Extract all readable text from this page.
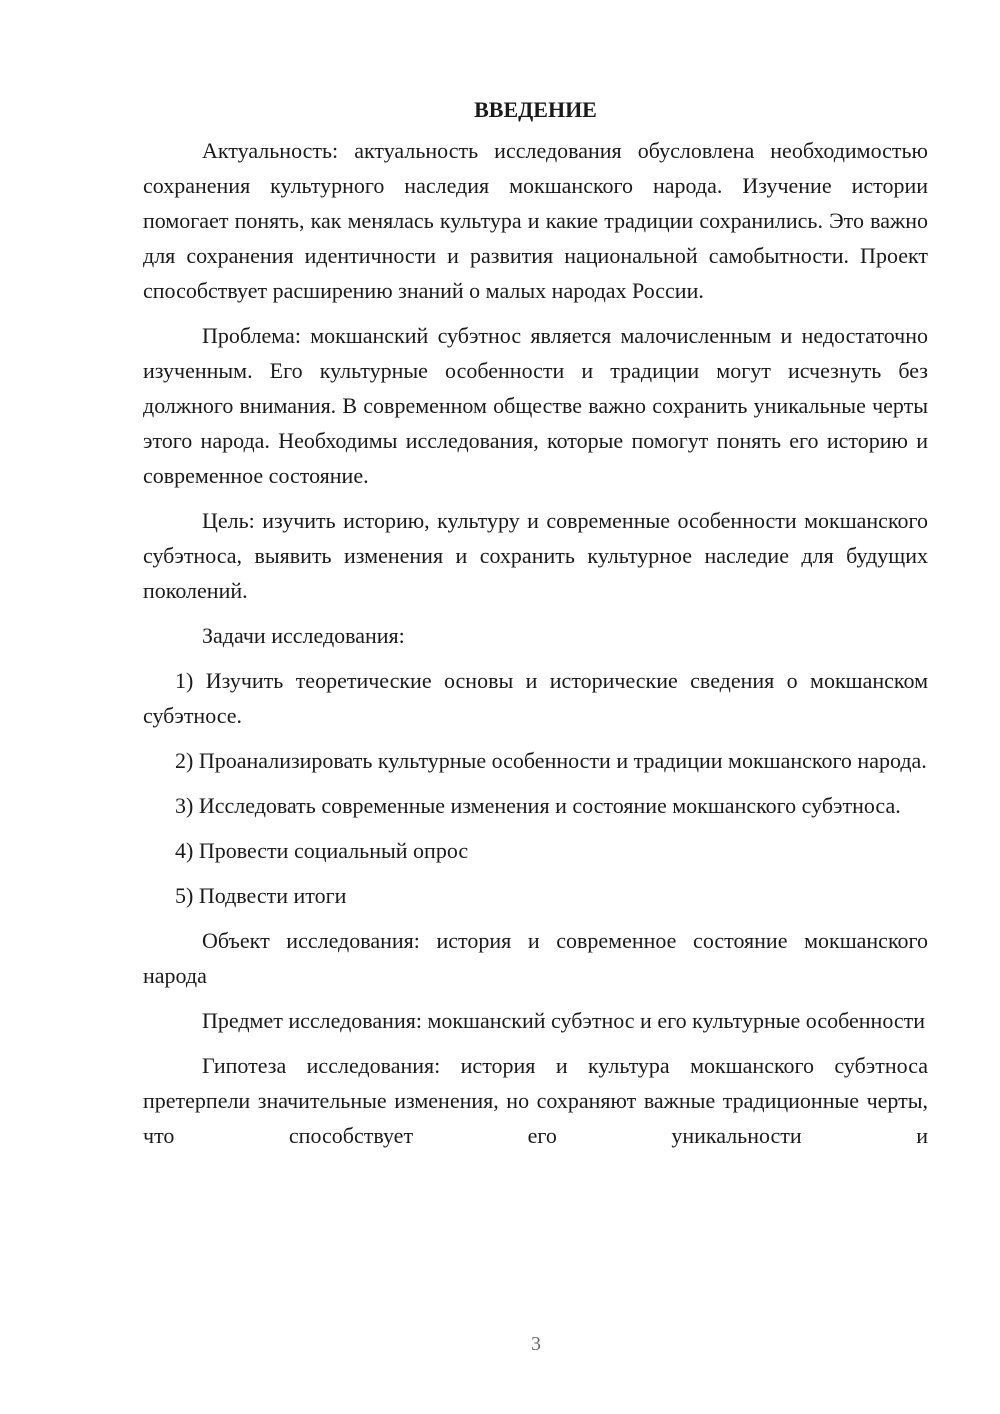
ВВЕДЕНИЕ

Актуальность: актуальность исследования обусловлена необходимостью сохранения культурного наследия мокшанского народа. Изучение истории помогает понять, как менялась культура и какие традиции сохранились. Это важно для сохранения идентичности и развития национальной самобытности. Проект способствует расширению знаний о малых народах России.

Проблема: мокшанский субэтнос является малочисленным и недостаточно изученным. Его культурные особенности и традиции могут исчезнуть без должного внимания. В современном обществе важно сохранить уникальные черты этого народа. Необходимы исследования, которые помогут понять его историю и современное состояние.

Цель: изучить историю, культуру и современные особенности мокшанского субэтноса, выявить изменения и сохранить культурное наследие для будущих поколений.

Задачи исследования:

1) Изучить теоретические основы и исторические сведения о мокшанском субэтносе.

2) Проанализировать культурные особенности и традиции мокшанского народа.

3) Исследовать современные изменения и состояние мокшанского субэтноса.

4) Провести социальный опрос

5) Подвести итоги

Объект исследования: история и современное состояние мокшанского народа

Предмет исследования: мокшанский субэтнос и его культурные особенности

Гипотеза исследования: история и культура мокшанского субэтноса претерпели значительные изменения, но сохраняют важные традиционные черты, что способствует его уникальности и

3
